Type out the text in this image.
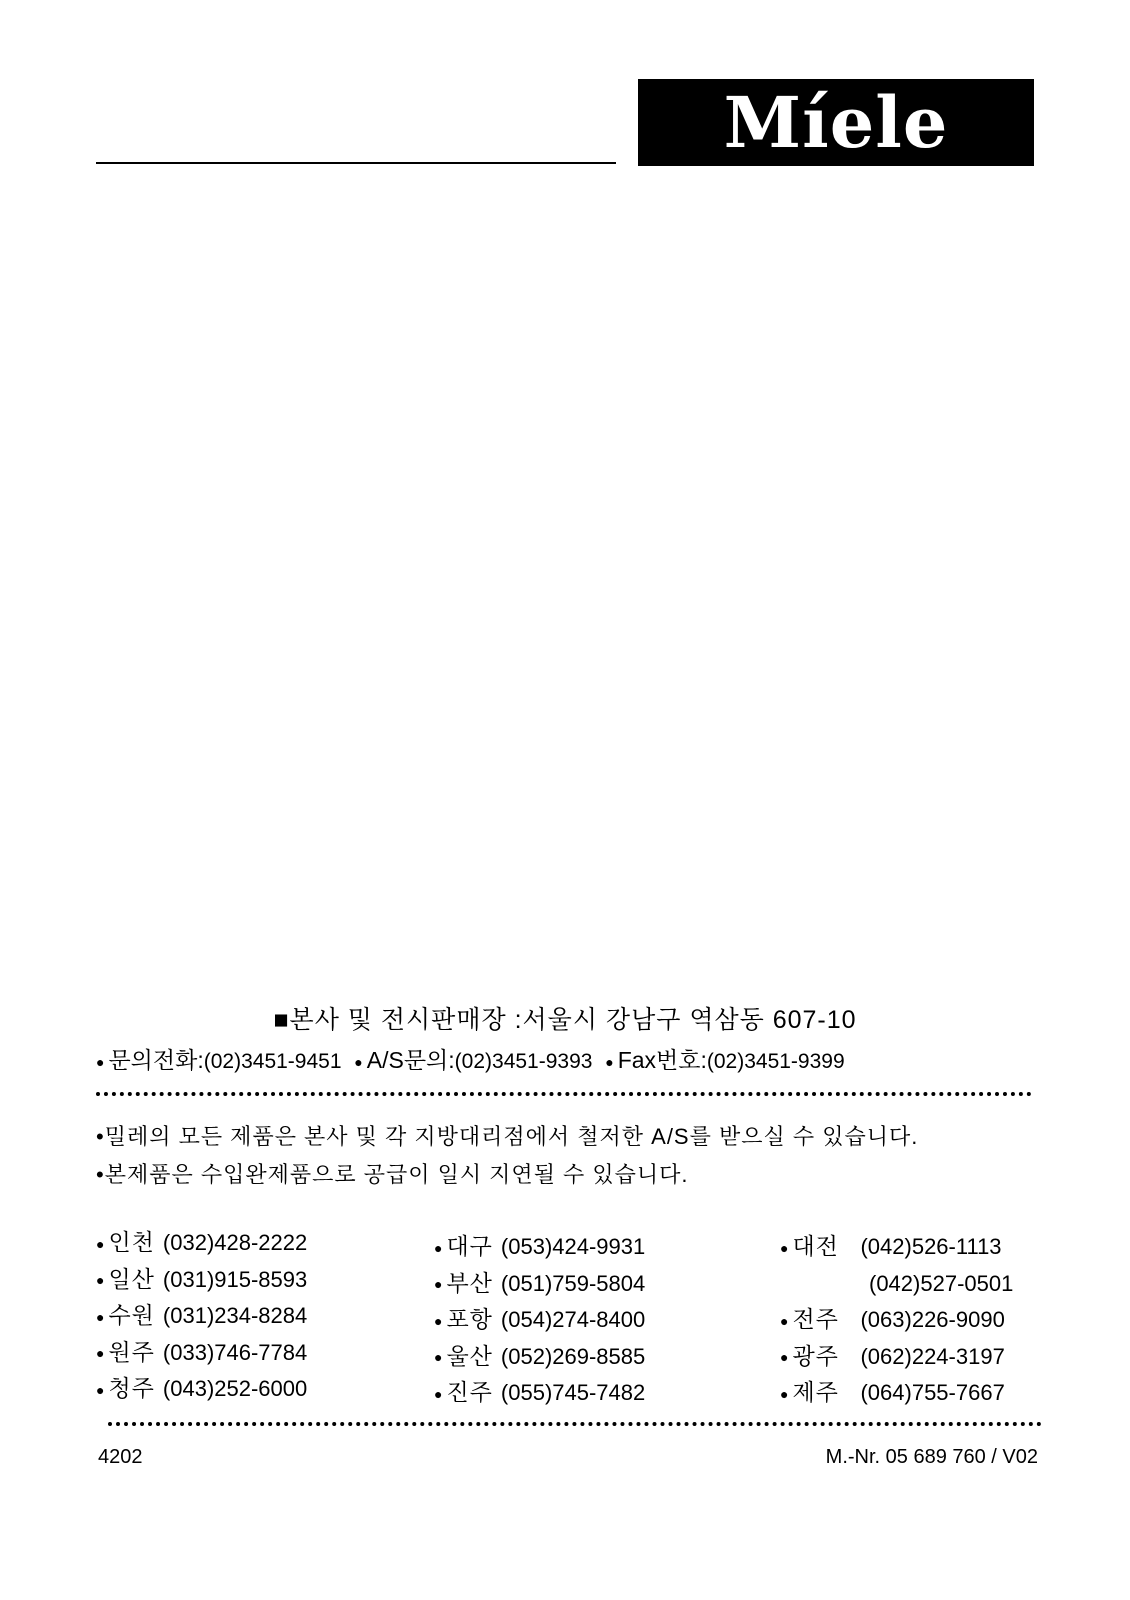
Míele
■본사 및 전시판매장 :서울시 강남구 역삼동 607-10
● 문의전화:(02)3451-9451 ● A/S문의:(02)3451-9393 ● Fax번호:(02)3451-9399
•밀레의 모든 제품은 본사 및 각 지방대리점에서 철저한 A/S를 받으실 수 있습니다.
•본제품은 수입완제품으로 공급이 일시 지연될 수 있습니다.
● 인천 (032)428-2222
● 일산 (031)915-8593
● 수원 (031)234-8284
● 원주 (033)746-7784
● 청주 (043)252-6000
● 대구 (053)424-9931
● 부산 (051)759-5804
● 포항 (054)274-8400
● 울산 (052)269-8585
● 진주 (055)745-7482
● 대전 (042)526-1113
(042)527-0501
● 전주 (063)226-9090
● 광주 (062)224-3197
● 제주 (064)755-7667
4202	M.-Nr. 05 689 760 / V02
